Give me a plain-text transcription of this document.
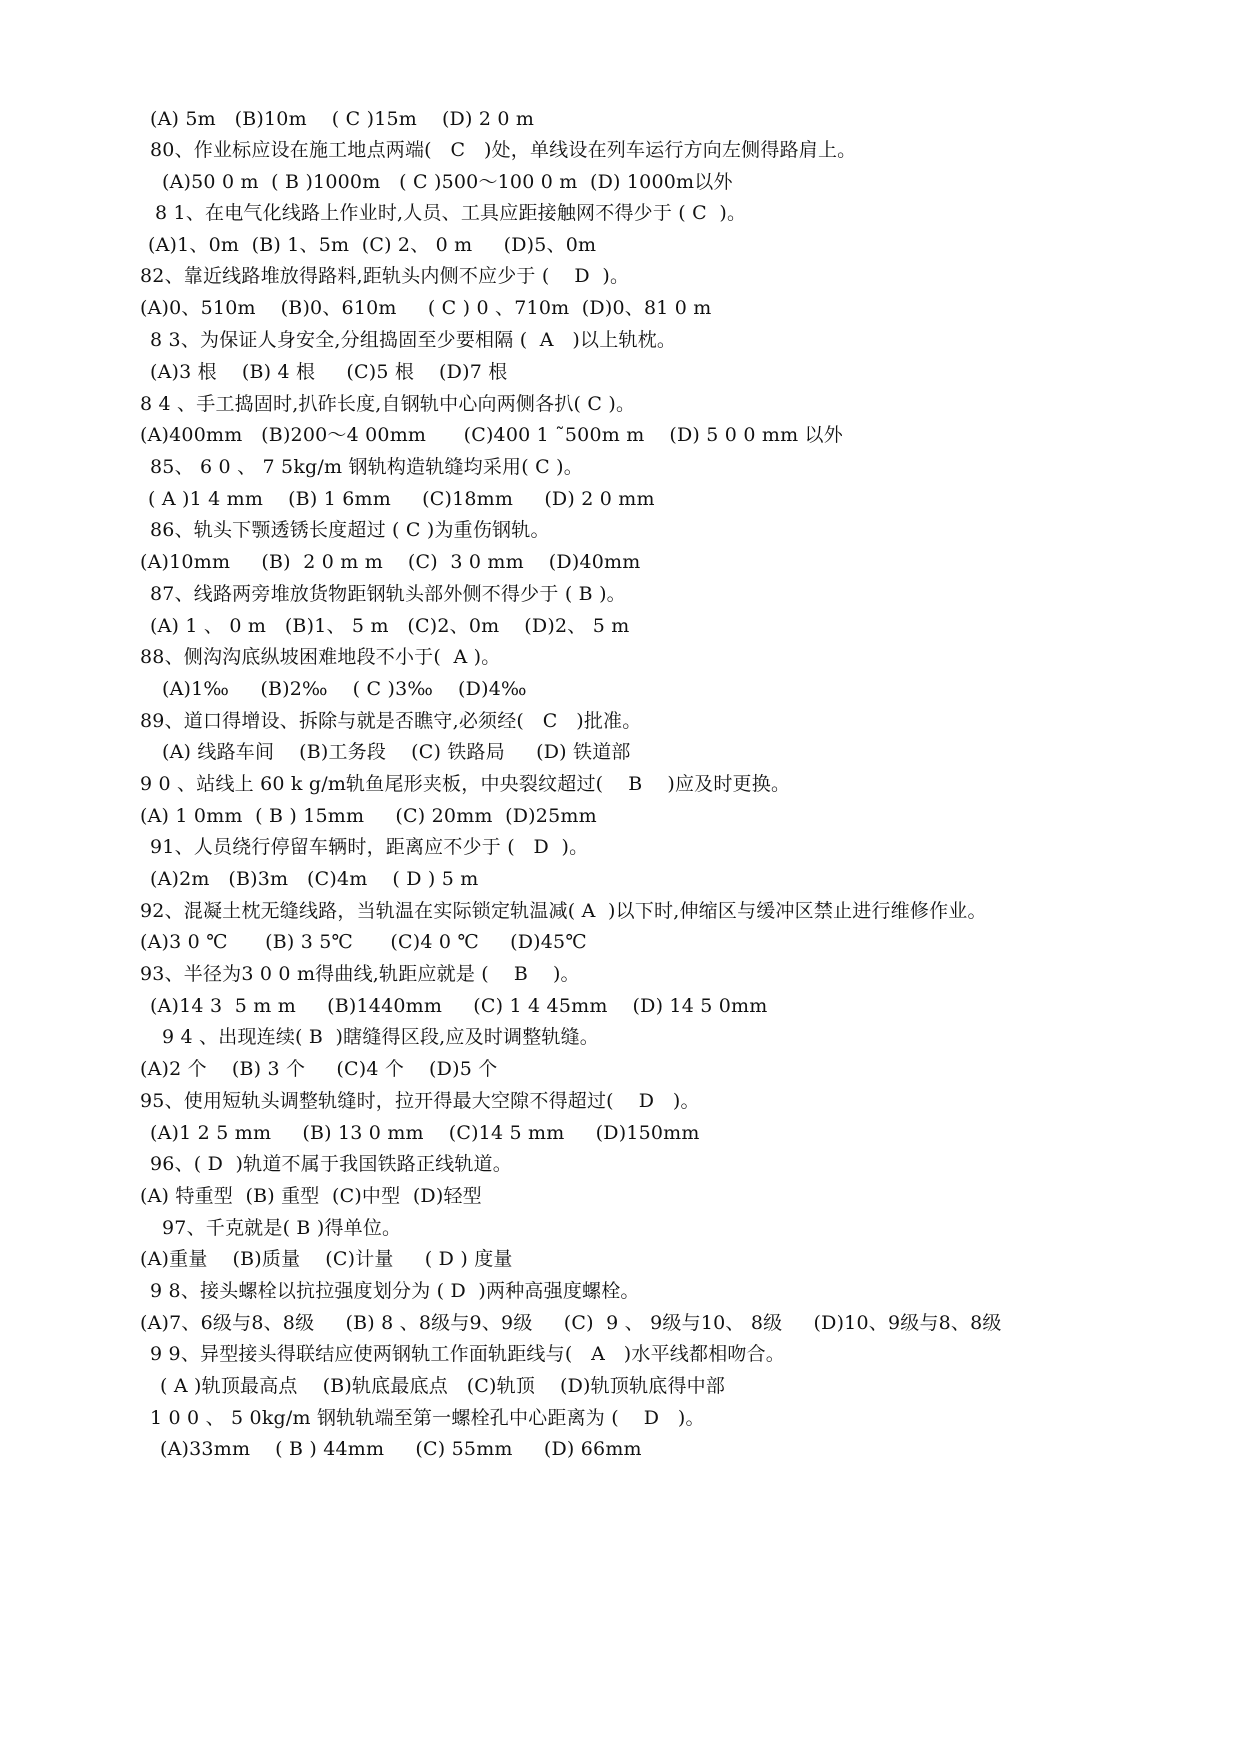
(A) 5m   (B)10m    ( C )15m    (D) 2 0 m
80、作业标应设在施工地点两端(   C   )处，单线设在列车运行方向左侧得路肩上。
(A)50 0 m  ( B )1000m   ( C )500～100 0 m  (D) 1000m以外
8 1、在电气化线路上作业时,人员、工具应距接触网不得少于 ( C  )。
(A)1、0m  (B) 1、5m  (C) 2、 0 m     (D)5、0m
82、靠近线路堆放得路料,距轨头内侧不应少于 (    D  )。
(A)0、510m    (B)0、610m     ( C ) 0 、710m  (D)0、81 0 m
8 3、为保证人身安全,分组捣固至少要相隔 (  A   )以上轨枕。
(A)3 根    (B) 4 根     (C)5 根    (D)7 根
8 4 、手工捣固时,扒砟长度,自钢轨中心向两侧各扒( C )。
(A)400mm   (B)200～4 00mm      (C)400 1 ˜500m m    (D) 5 0 0 mm 以外
85、 6 0 、 7 5kg/m 钢轨构造轨缝均采用( C )。
( A )1 4 mm    (B) 1 6mm     (C)18mm     (D) 2 0 mm
86、轨头下颚透锈长度超过 ( C )为重伤钢轨。
(A)10mm     (B)  2 0 m m    (C)  3 0 mm    (D)40mm
87、线路两旁堆放货物距钢轨头部外侧不得少于 ( B )。
(A) 1 、 0 m   (B)1、 5 m   (C)2、0m    (D)2、 5 m
88、侧沟沟底纵坡困难地段不小于(  A )。
(A)1‰     (B)2‰    ( C )3‰    (D)4‰
89、道口得增设、拆除与就是否瞧守,必须经(   C   )批准。
(A) 线路车间    (B)工务段    (C) 铁路局     (D) 铁道部
9 0 、站线上 60 k g/m轨鱼尾形夹板，中央裂纹超过(    B    )应及时更换。
(A) 1 0mm  ( B ) 15mm     (C) 20mm  (D)25mm
91、人员绕行停留车辆时，距离应不少于 (   D  )。
(A)2m   (B)3m   (C)4m    ( D ) 5 m
92、混凝土枕无缝线路，当轨温在实际锁定轨温减( A  )以下时,伸缩区与缓冲区禁止进行维修作业。
(A)3 0 ℃      (B) 3 5℃      (C)4 0 ℃     (D)45℃
93、半径为3 0 0 m得曲线,轨距应就是 (    B    )。
(A)14 3  5 m m     (B)1440mm     (C) 1 4 45mm    (D) 14 5 0mm
9 4 、出现连续( B  )瞎缝得区段,应及时调整轨缝。
(A)2 个    (B) 3 个     (C)4 个    (D)5 个
95、使用短轨头调整轨缝时，拉开得最大空隙不得超过(    D   )。
(A)1 2 5 mm     (B) 13 0 mm    (C)14 5 mm     (D)150mm
96、( D  )轨道不属于我国铁路正线轨道。
(A) 特重型  (B) 重型  (C)中型  (D)轻型
97、千克就是( B )得单位。
(A)重量    (B)质量    (C)计量     ( D ) 度量
9 8、接头螺栓以抗拉强度划分为 ( D  )两种高强度螺栓。
(A)7、6级与8、8级     (B) 8 、8级与9、9级     (C)  9 、 9级与10、 8级     (D)10、9级与8、8级
9 9、异型接头得联结应使两钢轨工作面轨距线与(   A   )水平线都相吻合。
( A )轨顶最高点    (B)轨底最底点   (C)轨顶    (D)轨顶轨底得中部
1 0 0 、 5 0kg/m 钢轨轨端至第一螺栓孔中心距离为 (    D   )。
(A)33mm    ( B ) 44mm     (C) 55mm     (D) 66mm
